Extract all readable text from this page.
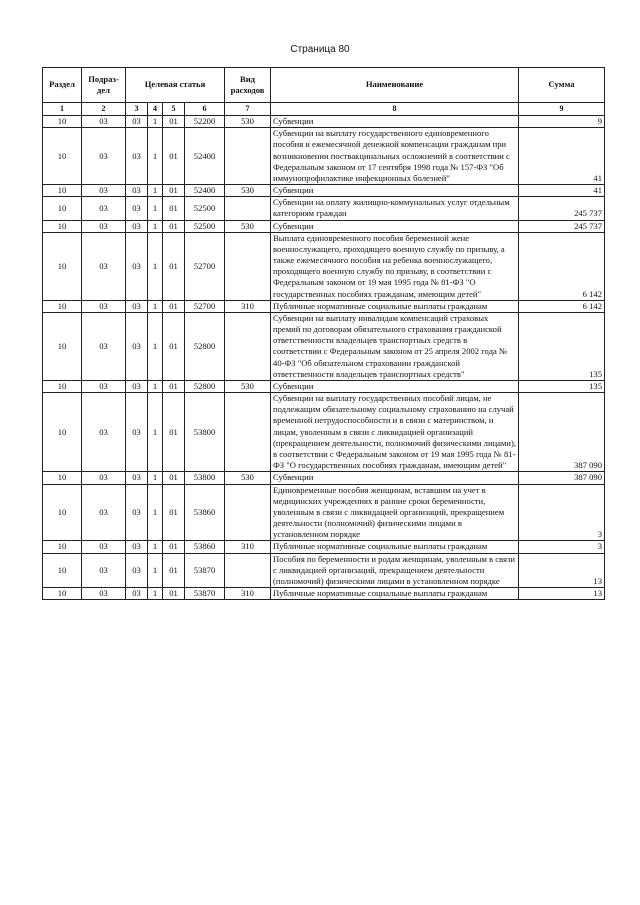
Страница 80
Раздел	Подраз-дел	Целевая статья				Вид расходов	Наименование	Сумма
1	2	3	4	5	6	7	8	9
10	03	03	1	01	52200	530	Субвенции	9
10	03	03	1	01	52400		Субвенции на выплату государственного единовременного пособия и ежемесячной денежной компенсации гражданам при возникновении поствакцинальных осложнений в соответствии с Федеральным законом от 17 сентября 1998 года № 157-ФЗ "Об иммунопрофилактике инфекционных болезней"	41
10	03	03	1	01	52400	530	Субвенции	41
10	03	03	1	01	52500		Субвенции на оплату жилищно-коммунальных услуг отдельным категориям граждан	245 737
10	03	03	1	01	52500	530	Субвенции	245 737
10	03	03	1	01	52700		Выплата единовременного пособия беременной жене военнослужащего, проходящего военную службу по призыву, а также ежемесячного пособия на ребенка военнослужащего, проходящего военную службу по призыву, в соответствии с Федеральным законом от 19 мая 1995 года № 81-ФЗ "О государственных пособиях гражданам, имеющим детей"	6 142
10	03	03	1	01	52700	310	Публичные нормативные социальные выплаты гражданам	6 142
10	03	03	1	01	52800		Субвенции на выплату инвалидам компенсаций страховых премий по договорам обязательного страхования гражданской ответственности владельцев транспортных средств в соответствии с Федеральным законом от 25 апреля 2002 года № 40-ФЗ "Об обязательном страховании гражданской ответственности владельцев транспортных средств"	135
10	03	03	1	01	52800	530	Субвенции	135
10	03	03	1	01	53800		Субвенции на выплату государственных пособий лицам, не подлежащим обязательному социальному страхованию на случай временной нетрудоспособности и в связи с материнством, и лицам, уволенным в связи с ликвидацией организаций (прекращением деятельности, полномочий физическими лицами), в соответствии с Федеральным законом от 19 мая 1995 года № 81-ФЗ "О государственных пособиях гражданам, имеющим детей"	387 090
10	03	03	1	01	53800	530	Субвенции	387 090
10	03	03	1	01	53860		Единовременные пособия женщинам, вставшим на учет в медицинских учреждениях в ранние сроки беременности, уволенным в связи с ликвидацией организаций, прекращением деятельности (полномочий) физическими лицами в установленном порядке	3
10	03	03	1	01	53860	310	Публичные нормативные социальные выплаты гражданам	3
10	03	03	1	01	53870		Пособия по беременности и родам женщинам, уволенным в связи с ликвидацией организаций, прекращением деятельности (полномочий) физическими лицами в установленном порядке	13
10	03	03	1	01	53870	310	Публичные нормативные социальные выплаты гражданам	13
